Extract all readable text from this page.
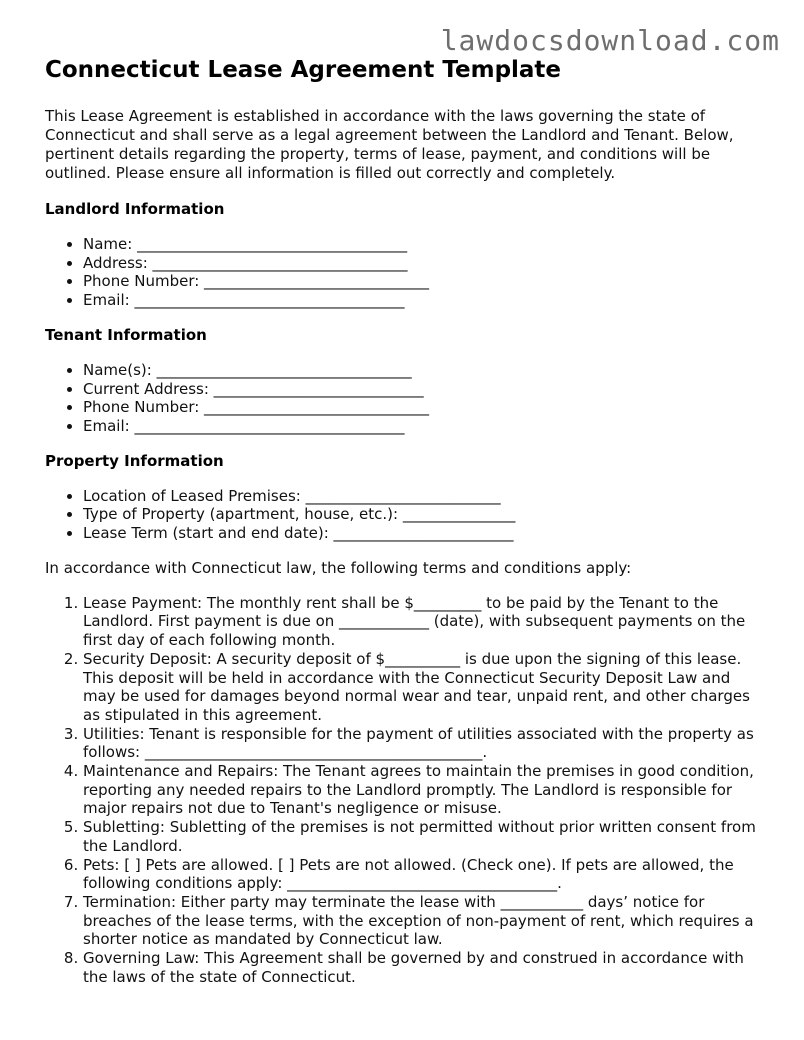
lawdocsdownload.com
Connecticut Lease Agreement Template

This Lease Agreement is established in accordance with the laws governing the state of Connecticut and shall serve as a legal agreement between the Landlord and Tenant. Below, pertinent details regarding the property, terms of lease, payment, and conditions will be outlined. Please ensure all information is filled out correctly and completely.

Landlord Information
• Name: ____________________________________
• Address: __________________________________
• Phone Number: ______________________________
• Email: ____________________________________
Tenant Information
• Name(s): __________________________________
• Current Address: ____________________________
• Phone Number: ______________________________
• Email: ____________________________________
Property Information
• Location of Leased Premises: __________________________
• Type of Property (apartment, house, etc.): _______________
• Lease Term (start and end date): ________________________

In accordance with Connecticut law, the following terms and conditions apply:

1. Lease Payment: The monthly rent shall be $_________ to be paid by the Tenant to the Landlord. First payment is due on ____________ (date), with subsequent payments on the first day of each following month.
2. Security Deposit: A security deposit of $__________ is due upon the signing of this lease. This deposit will be held in accordance with the Connecticut Security Deposit Law and may be used for damages beyond normal wear and tear, unpaid rent, and other charges as stipulated in this agreement.
3. Utilities: Tenant is responsible for the payment of utilities associated with the property as follows: _____________________________________________.
4. Maintenance and Repairs: The Tenant agrees to maintain the premises in good condition, reporting any needed repairs to the Landlord promptly. The Landlord is responsible for major repairs not due to Tenant's negligence or misuse.
5. Subletting: Subletting of the premises is not permitted without prior written consent from the Landlord.
6. Pets: [ ] Pets are allowed. [ ] Pets are not allowed. (Check one). If pets are allowed, the following conditions apply: ____________________________________.
7. Termination: Either party may terminate the lease with ___________ days’ notice for breaches of the lease terms, with the exception of non-payment of rent, which requires a shorter notice as mandated by Connecticut law.
8. Governing Law: This Agreement shall be governed by and construed in accordance with the laws of the state of Connecticut.
